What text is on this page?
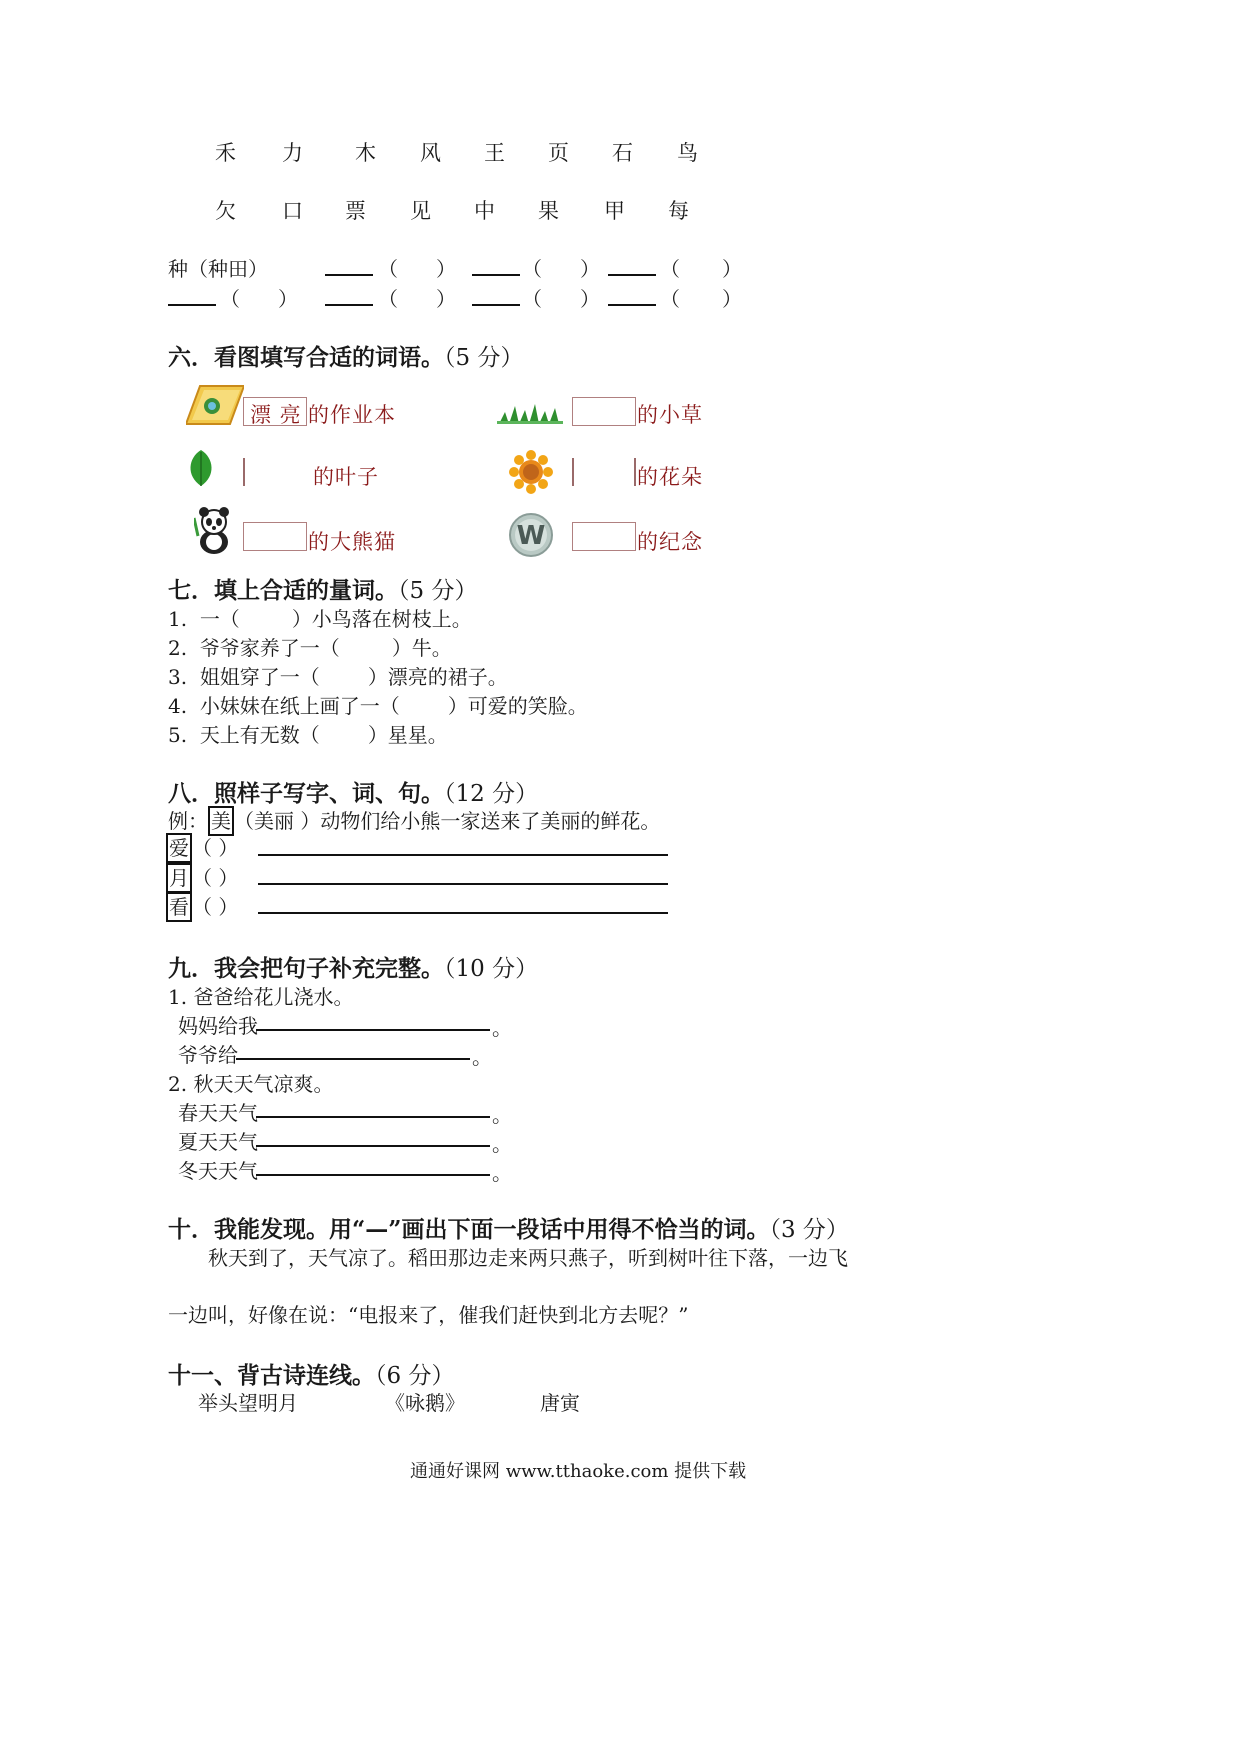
禾 力 木 风 王 页 石 鸟
欠 口 票 见 中 果 甲 每
种（种田）	（ ）	（ ）	（ ）
（ ）	（ ）	（ ）	（ ）
六．看图填写合适的词语。（5 分）
漂 亮 的作业本	的小草
的叶子	的花朵
的大熊猫	W	的纪念
七．填上合适的量词。（5 分）
1. 一（	）小鸟落在树枝上。
2. 爷爷家养了一（	）牛。
3. 姐姐穿了一（ ）漂亮的裙子。
4. 小妹妹在纸上画了一（ ）可爱的笑脸。
5. 天上有无数（ ）星星。
八．照样子写字、词、句。（12 分）
例： 美 （美丽 ）动物们给小熊一家送来了美丽的鲜花。
爱 （ ）
月 （ ）
看 （ ）
九．我会把句子补充完整。（10 分）
1. 爸爸给花儿浇水。
妈妈给我	。
爷爷给	。
2. 秋天天气凉爽。
春天天气	。
夏天天气	。
冬天天气	。
十．我能发现。用“—”画出下面一段话中用得不恰当的词。（3 分）
秋天到了，天气凉了。稻田那边走来两只燕子，听到树叶往下落，一边飞
一边叫，好像在说：“电报来了，催我们赶快到北方去呢？”
十一、背古诗连线。（6 分）
举头望明月	《咏鹅》	唐寅
通通好课网 www.tthaoke.com 提供下载
